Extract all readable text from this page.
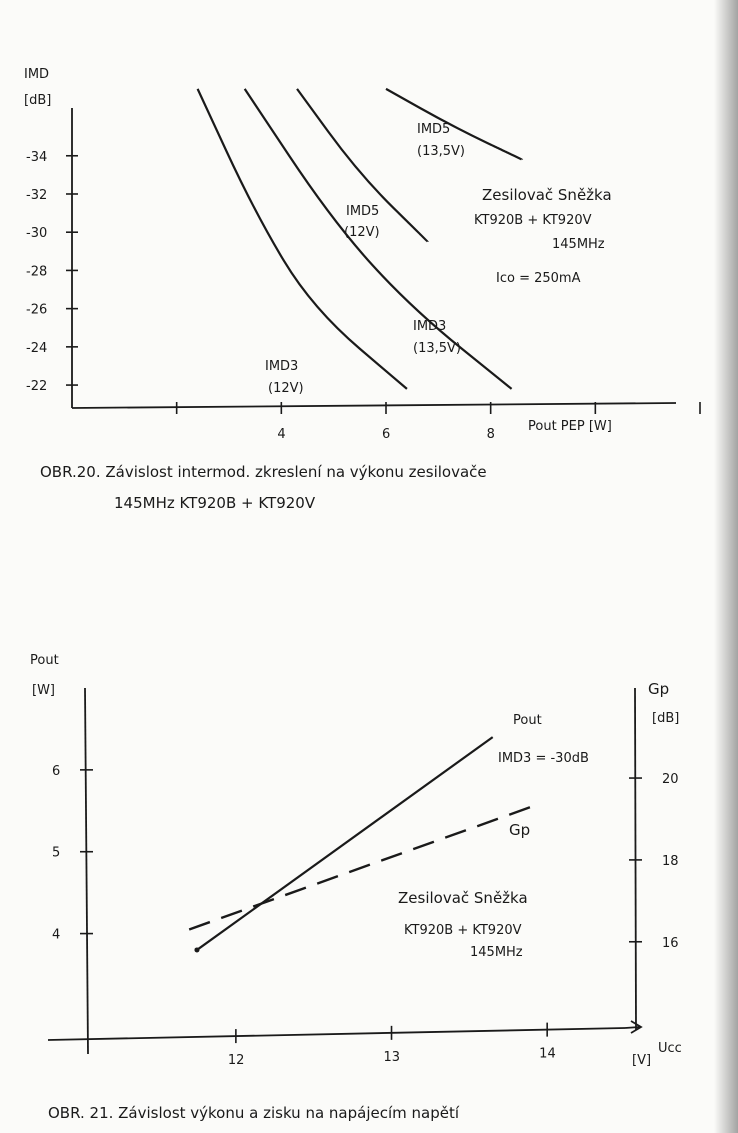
IMD
[dB]
-34
-32
-30
-28
-26
-24
-22
4	6	8
Pout PEP [W]
IMD3
(12V)
IMD3
(13,5V)
IMD5
(12V)
IMD5
(13,5V)
Zesilovač Sněžka
KT920B + KT920V
145MHz
Ico = 250mA
OBR.20. Závislost intermod. zkreslení na výkonu zesilovače
145MHz KT920B + KT920V
Pout
[W]	Gp
[dB]
6
5
4
20
18
16
12	13	14	Ucc
[V]
Pout
IMD3 = -30dB
Gp
Zesilovač Sněžka
KT920B + KT920V
145MHz
OBR. 21. Závislost výkonu a zisku na napájecím napětí
